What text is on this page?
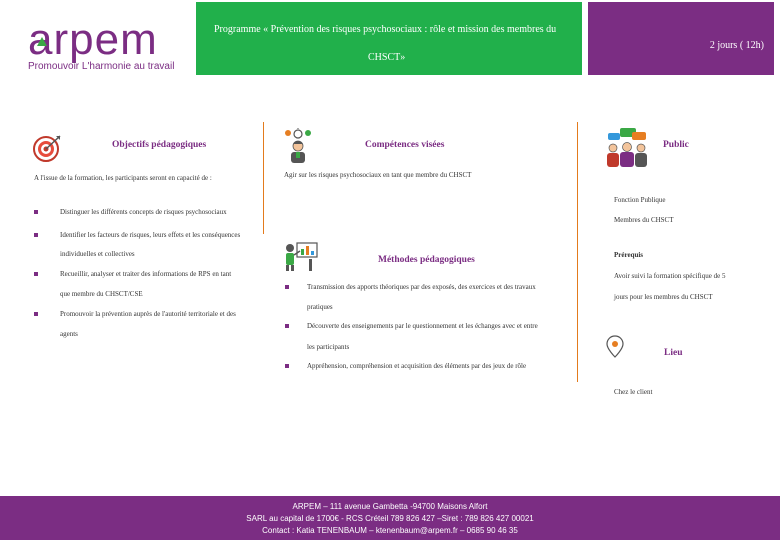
arpem
Promouvoir L'harmonie au travail
Programme « Prévention des risques psychosociaux : rôle et mission des membres du
CHSCT»
2 jours ( 12h)
Objectifs pédagogiques
A l'issue de la formation, les participants seront en capacité de :
Distinguer les différents concepts de risques psychosociaux
Identifier les facteurs de risques, leurs effets et les conséquences
individuelles et collectives
Recueillir, analyser et traiter des informations de RPS en tant
que membre du CHSCT/CSE
Promouvoir la prévention auprès de l'autorité territoriale et des
agents
Compétences visées
Agir sur les risques psychosociaux en tant que membre du CHSCT
Méthodes pédagogiques
Transmission des apports théoriques par des exposés, des exercices et des travaux
pratiques
Découverte des enseignements par le questionnement et les échanges avec et entre
les participants
Appréhension, compréhension et acquisition des éléments par des jeux de rôle
Public
Fonction Publique
Membres du CHSCT
Prérequis
Avoir suivi la formation spécifique de 5
jours pour les membres du CHSCT
Lieu
Chez le client
ARPEM – 111 avenue Gambetta -94700 Maisons Alfort
SARL au capital de 1700€ - RCS Créteil 789 826 427 –Siret : 789 826 427 00021
Contact : Katia TENENBAUM – ktenenbaum@arpem.fr – 0685 90 46 35
